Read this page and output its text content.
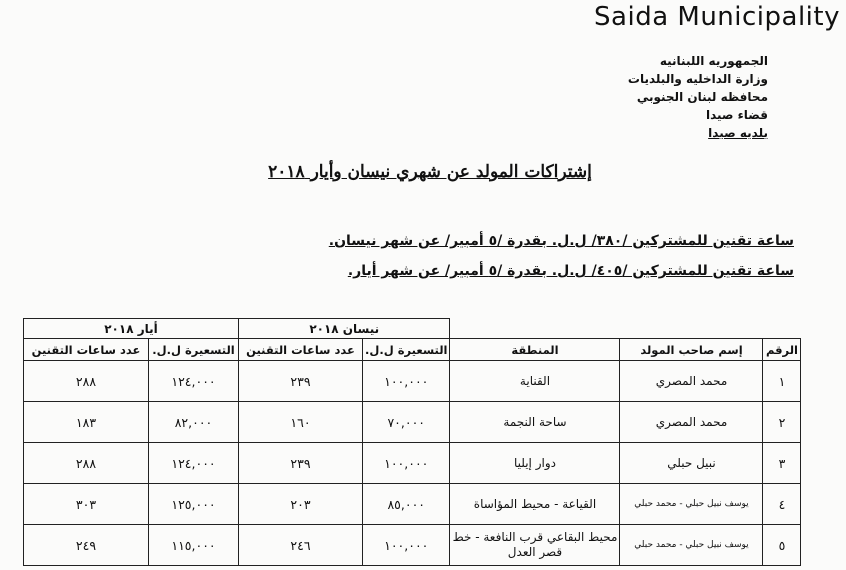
Saida Municipality
الجمهوريه اللبنانيه
وزارة الداخليه والبلديات
محافظه لبنان الجنوبي
قضاء صيدا
بلديه صيدا
إشتراكات المولد عن شهري نيسان وأيار ٢٠١٨
ساعة تقنين للمشتركين /٣٨٠/ ل.ل. بقدرة /٥ أمبير/ عن شهر نيسان.
ساعة تقنين للمشتركين /٤٠٥/ ل.ل. بقدرة /٥ أمبير/ عن شهر أيار.
أيار ٢٠١٨		نيسان ٢٠١٨				
عدد ساعات التقنين	التسعيرة ل.ل.	عدد ساعات التقنين	التسعيرة ل.ل.	المنطقة	إسم صاحب المولد	الرقم
٢٨٨	١٢٤,٠٠٠	٢٣٩	١٠٠,٠٠٠	القناية	محمد المصري	١
١٨٣	٨٢,٠٠٠	١٦٠	٧٠,٠٠٠	ساحة النجمة	محمد المصري	٢
٢٨٨	١٢٤,٠٠٠	٢٣٩	١٠٠,٠٠٠	دوار إيليا	نبيل حبلي	٣
٣٠٣	١٢٥,٠٠٠	٢٠٣	٨٥,٠٠٠	القياعة - محيط المؤاساة	يوسف نبيل حبلي - محمد حبلي	٤
٢٤٩	١١٥,٠٠٠	٢٤٦	١٠٠,٠٠٠	محيط البقاعي قرب النافعة - خط قصر العدل	يوسف نبيل حبلي - محمد حبلي	٥
